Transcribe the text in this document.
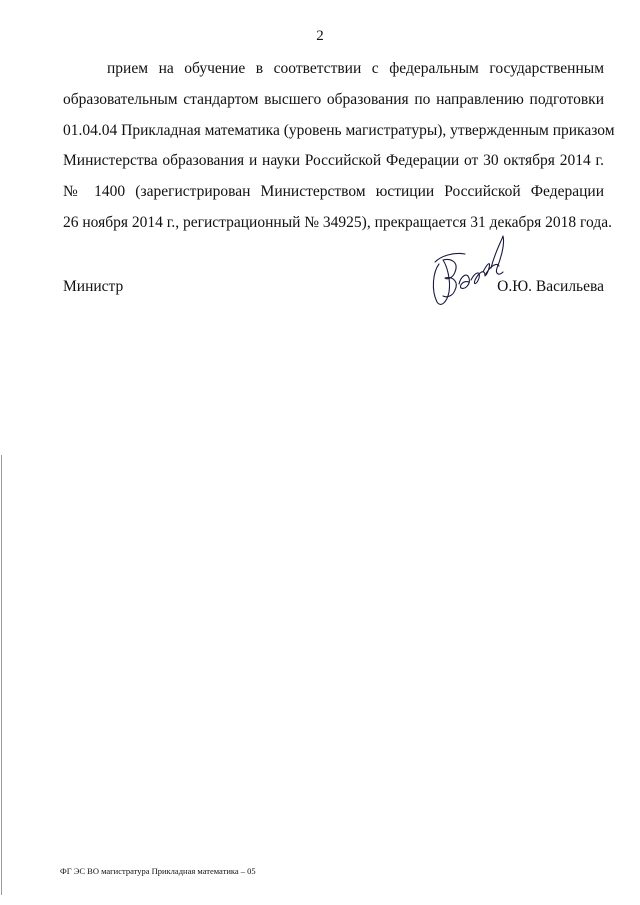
2
прием на обучение в соответствии с федеральным государственным
образовательным стандартом высшего образования по направлению подготовки
01.04.04 Прикладная математика (уровень магистратуры), утвержденным приказом
Министерства образования и науки Российской Федерации от 30 октября 2014 г.
№ 1400 (зарегистрирован Министерством юстиции Российской Федерации
26 ноября 2014 г., регистрационный № 34925), прекращается 31 декабря 2018 года.
Министр	О.Ю. Васильева
ФГ ЭС ВО магистратура Прикладная математика – 05
